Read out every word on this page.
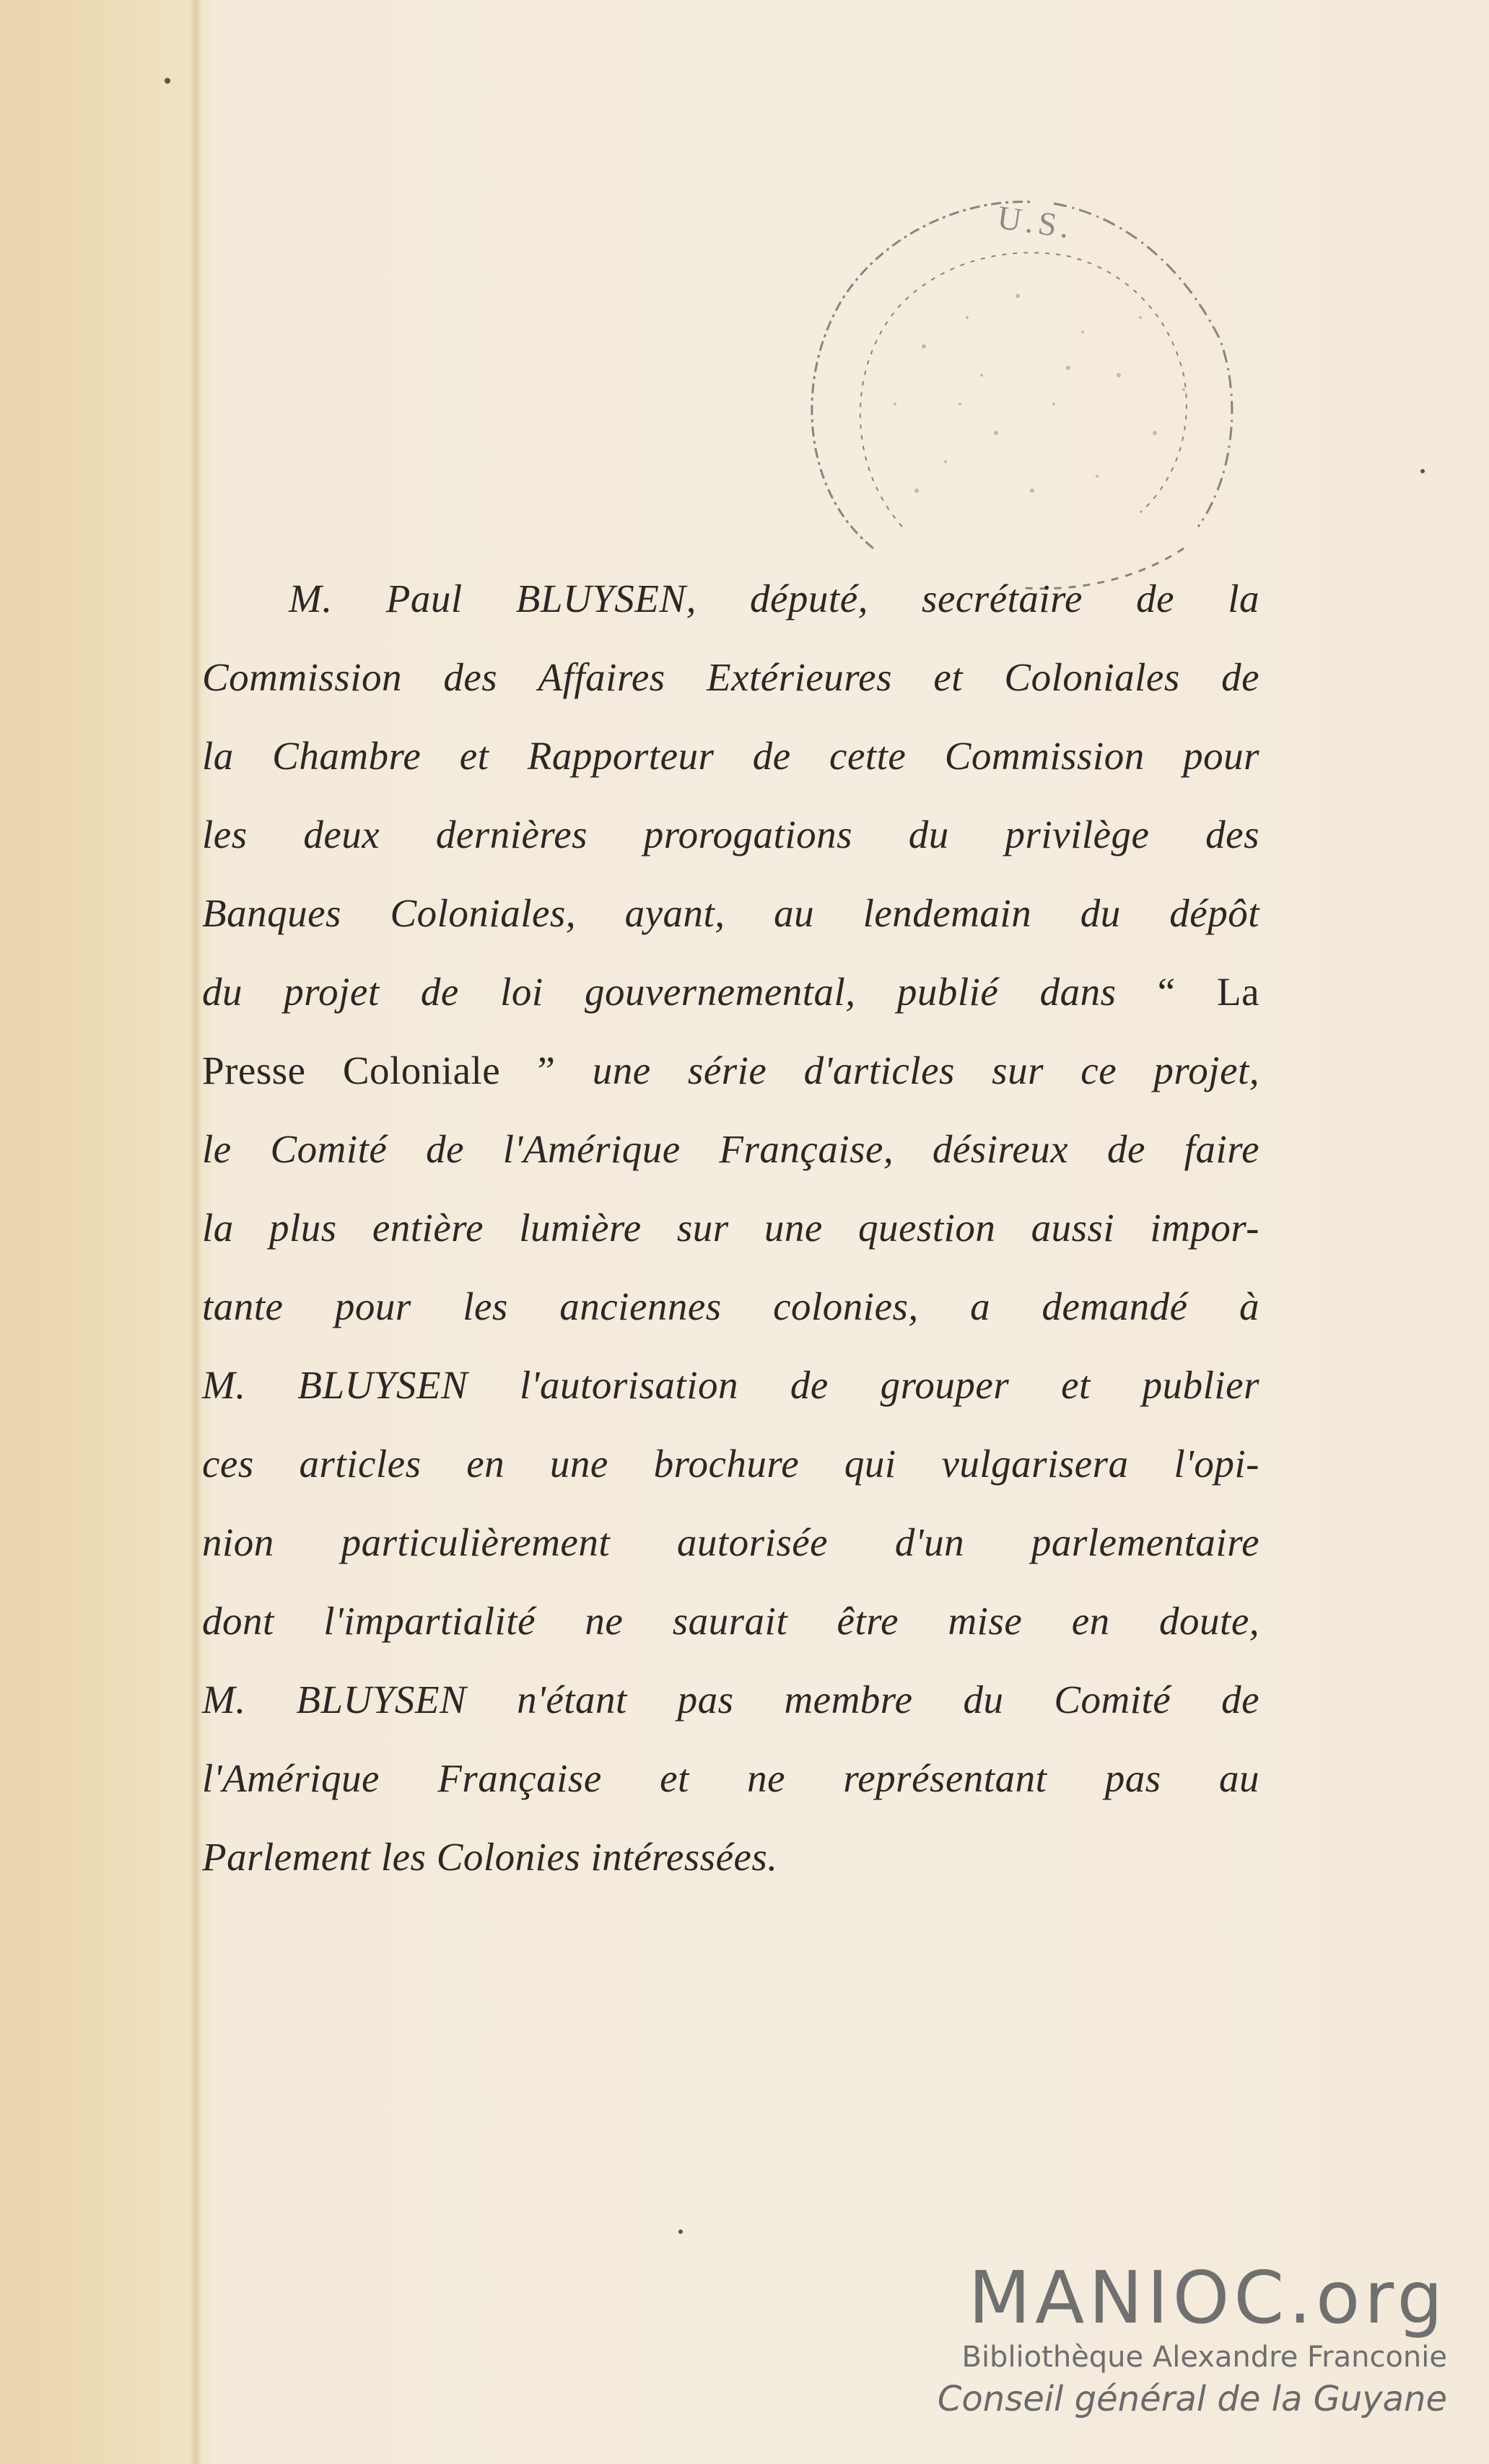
U.S.
M. Paul BLUYSEN, député, secrétaire de la
Commission des Affaires Extérieures et Coloniales de
la Chambre et Rapporteur de cette Commission pour
les deux dernières prorogations du privilège des
Banques Coloniales, ayant, au lendemain du dépôt
du projet de loi gouvernemental, publié dans “ La
Presse Coloniale ” une série d'articles sur ce projet,
le Comité de l'Amérique Française, désireux de faire
la plus entière lumière sur une question aussi impor-
tante pour les anciennes colonies, a demandé à
M. BLUYSEN l'autorisation de grouper et publier
ces articles en une brochure qui vulgarisera l'opi-
nion particulièrement autorisée d'un parlementaire
dont l'impartialité ne saurait être mise en doute,
M. BLUYSEN n'étant pas membre du Comité de
l'Amérique Française et ne représentant pas au
Parlement les Colonies intéressées.
MANIOC.org
Bibliothèque Alexandre Franconie
Conseil général de la Guyane
